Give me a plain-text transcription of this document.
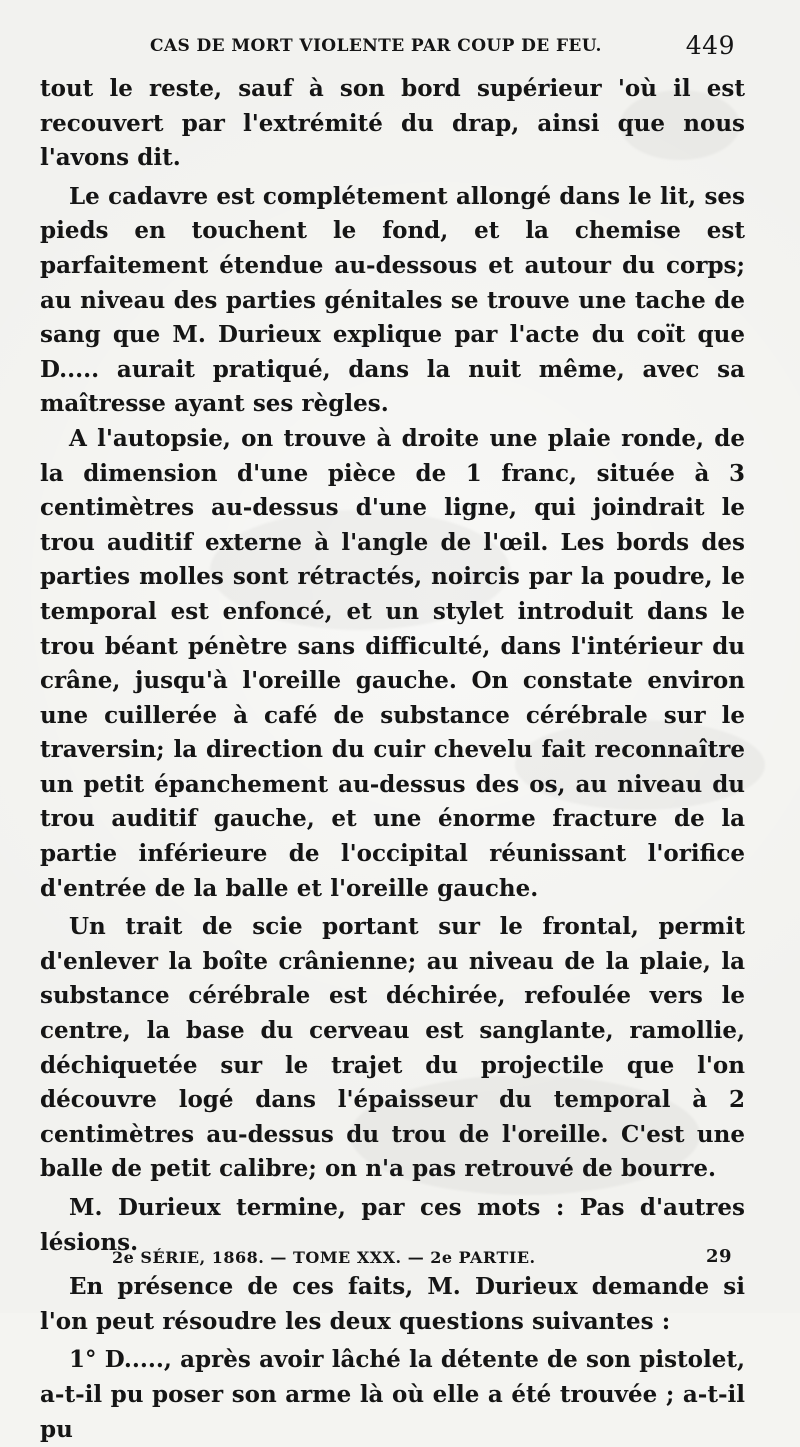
CAS DE MORT VIOLENTE PAR COUP DE FEU.	449

tout le reste, sauf à son bord supérieur 'où il est recouvert par l'extrémité du drap, ainsi que nous l'avons dit.

Le cadavre est complétement allongé dans le lit, ses pieds en touchent le fond, et la chemise est parfaitement étendue au-dessous et autour du corps; au niveau des parties génitales se trouve une tache de sang que M. Durieux explique par l'acte du coït que D..... aurait pratiqué, dans la nuit même, avec sa maîtresse ayant ses règles.

A l'autopsie, on trouve à droite une plaie ronde, de la dimension d'une pièce de 1 franc, située à 3 centimètres au-dessus d'une ligne, qui joindrait le trou auditif externe à l'angle de l'œil. Les bords des parties molles sont rétractés, noircis par la poudre, le temporal est enfoncé, et un stylet introduit dans le trou béant pénètre sans difficulté, dans l'intérieur du crâne, jusqu'à l'oreille gauche. On constate environ une cuillerée à café de substance cérébrale sur le traversin; la direction du cuir chevelu fait reconnaître un petit épanchement au-dessus des os, au niveau du trou auditif gauche, et une énorme fracture de la partie inférieure de l'occipital réunissant l'orifice d'entrée de la balle et l'oreille gauche.

Un trait de scie portant sur le frontal, permit d'enlever la boîte crânienne; au niveau de la plaie, la substance cérébrale est déchirée, refoulée vers le centre, la base du cerveau est sanglante, ramollie, déchiquetée sur le trajet du projectile que l'on découvre logé dans l'épaisseur du temporal à 2 centimètres au-dessus du trou de l'oreille. C'est une balle de petit calibre; on n'a pas retrouvé de bourre.

M. Durieux termine, par ces mots : Pas d'autres lésions.

En présence de ces faits, M. Durieux demande si l'on peut résoudre les deux questions suivantes :

1° D....., après avoir lâché la détente de son pistolet, a-t-il pu poser son arme là où elle a été trouvée ; a-t-il pu

2e SÉRIE, 1868. — TOME XXX. — 2e PARTIE.	29
